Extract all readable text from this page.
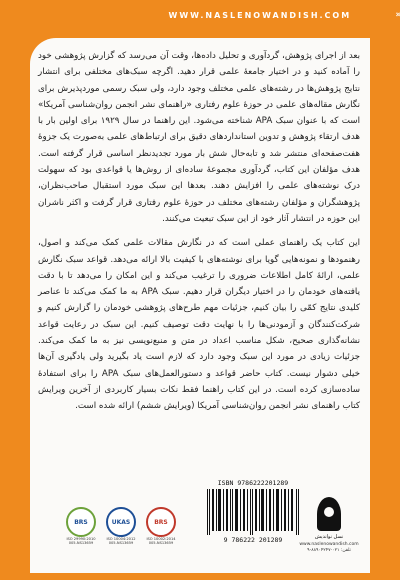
WWW.NASLENOWANDISH.COM	›››

بعد از اجرای پژوهش، گردآوری و تحلیل داده‌ها، وقت آن می‌رسد که گزارش پژوهشی خود را آماده کنید و در اختیار جامعهٔ علمی قرار دهید. اگرچه سبک‌های مختلفی برای انتشار نتایج پژوهش‌ها در رشته‌های علمی مختلف وجود دارد، ولی سبک رسمی موردپذیرش برای نگارش مقاله‌های علمی در حوزهٔ علوم رفتاری «راهنمای نشر انجمن روان‌شناسی آمریکا» است که با عنوان سبک APA شناخته می‌شود. این راهنما در سال ۱۹۲۹ برای اولین بار با هدف ارتقاء پژوهش و تدوین استانداردهای دقیق برای ارتباط‌های علمی به‌صورت یک جزوهٔ هفت‌صفحه‌ای منتشر شد و تابه‌حال شش بار مورد تجدیدنظر اساسی قرار گرفته است. هدف مؤلفان این کتاب، گردآوری مجموعهٔ ساده‌ای از روش‌ها یا قواعدی بود که سهولت درک نوشته‌های علمی را افزایش دهند. بعدها این سبک مورد استقبال صاحب‌نظران، پژوهشگران و مؤلفان رشته‌های مختلف در حوزهٔ علوم رفتاری قرار گرفت و اکثر ناشران این حوزه در انتشار آثار خود از این سبک تبعیت می‌کنند.

این کتاب یک راهنمای عملی است که در نگارش مقالات علمی کمک می‌کند و اصول، رهنمودها و نمونه‌هایی گویا برای نوشته‌های با کیفیت بالا ارائه می‌دهد. قواعد سبک نگارش علمی، ارائهٔ کامل اطلاعات ضروری را ترغیب می‌کند و این امکان را می‌دهد تا با دقت یافته‌های خودمان را در اختیار دیگران قرار دهیم. سبک APA به ما کمک می‌کند تا عناصر کلیدی نتایج کمّی را بیان کنیم، جزئیات مهم طرح‌های پژوهشی خودمان را گزارش کنیم و شرکت‌کنندگان و آزمودنی‌ها را با نهایت دقت توصیف کنیم. این سبک در رعایت قواعد نشانه‌گذاری صحیح، شکل مناسب اعداد در متن و منبع‌نویسی نیز به ما کمک می‌کند. جزئیات زیادی در مورد این سبک وجود دارد که لازم است یاد بگیرید ولی یادگیری آن‌ها خیلی دشوار نیست. کتاب حاضر قواعد و دستورالعمل‌های سبک APA را برای استفادهٔ ساده‌سازی کرده است. در این کتاب راهنما فقط نکات بسیار کاربردی از آخرین ویرایش کتاب راهنمای نشر انجمن روان‌شناسی آمریکا (ویرایش ششم) ارائه شده است.

BRS
ISO 29990:2010 005-NS13659
UKAS
ISO 10004:2012 005-NS13659
BRS
ISO 10002:2014 005-NS13659
ISBN 9786222201289
9 786222 201289	نسل نواندیش
www.naslenowandish.com
تلفن: ۰۲۱-۸۸۹۰۴۲۴۷-۹
